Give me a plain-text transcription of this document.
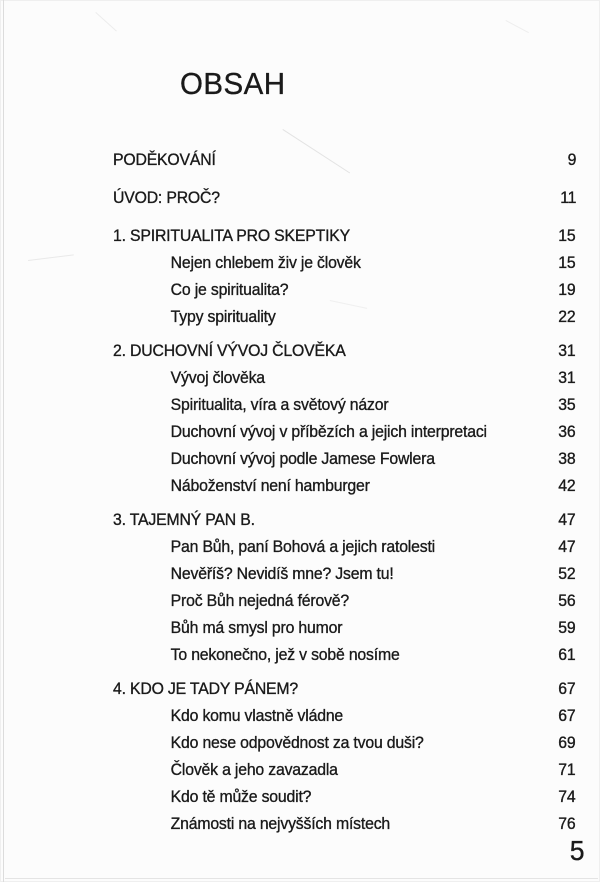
OBSAH
PODĚKOVÁNÍ	9
ÚVOD: PROČ?	11
1. SPIRITUALITA PRO SKEPTIKY	15
Nejen chlebem živ je člověk	15
Co je spiritualita?	19
Typy spirituality	22
2. DUCHOVNÍ VÝVOJ ČLOVĚKA	31
Vývoj člověka	31
Spiritualita, víra a světový názor	35
Duchovní vývoj v příbězích a jejich interpretaci	36
Duchovní vývoj podle Jamese Fowlera	38
Náboženství není hamburger	42
3. TAJEMNÝ PAN B.	47
Pan Bůh, paní Bohová a jejich ratolesti	47
Nevěříš? Nevidíš mne? Jsem tu!	52
Proč Bůh nejedná férově?	56
Bůh má smysl pro humor	59
To nekonečno, jež v sobě nosíme	61
4. KDO JE TADY PÁNEM?	67
Kdo komu vlastně vládne	67
Kdo nese odpovědnost za tvou duši?	69
Člověk a jeho zavazadla	71
Kdo tě může soudit?	74
Známosti na nejvyšších místech	76
5
